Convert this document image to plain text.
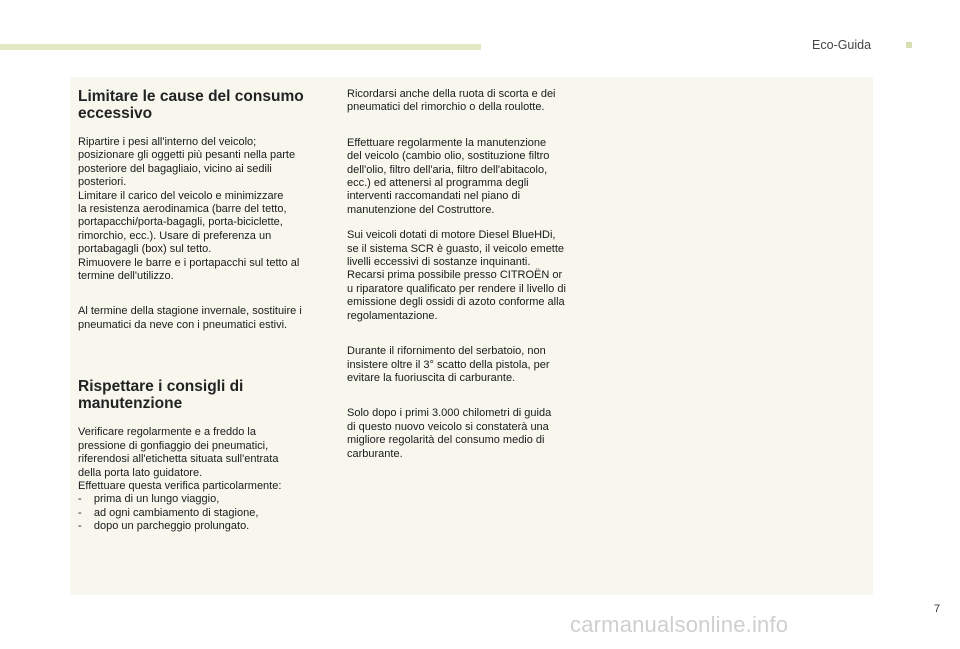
Eco-Guida
Limitare le cause del consumo eccessivo

Ripartire i pesi all'interno del veicolo;
posizionare gli oggetti più pesanti nella parte
posteriore del bagagliaio, vicino ai sedili
posteriori.
Limitare il carico del veicolo e minimizzare
la resistenza aerodinamica (barre del tetto,
portapacchi/porta-bagagli, porta-biciclette,
rimorchio, ecc.). Usare di preferenza un
portabagagli (box) sul tetto.
Rimuovere le barre e i portapacchi sul tetto al
termine dell'utilizzo.

Al termine della stagione invernale, sostituire i
pneumatici da neve con i pneumatici estivi.

Rispettare i consigli di manutenzione

Verificare regolarmente e a freddo la
pressione di gonfiaggio dei pneumatici,
riferendosi all'etichetta situata sull'entrata
della porta lato guidatore.
Effettuare questa verifica particolarmente:

-    prima di un lungo viaggio,
-    ad ogni cambiamento di stagione,
-    dopo un parcheggio prolungato.

Ricordarsi anche della ruota di scorta e dei
pneumatici del rimorchio o della roulotte.

Effettuare regolarmente la manutenzione
del veicolo (cambio olio, sostituzione filtro
dell'olio, filtro dell'aria, filtro dell'abitacolo,
ecc.) ed attenersi al programma degli
interventi raccomandati nel piano di
manutenzione del Costruttore.

Sui veicoli dotati di motore Diesel BlueHDi,
se il sistema SCR è guasto, il veicolo emette
livelli eccessivi di sostanze inquinanti.
Recarsi prima possibile presso CITROËN or
u riparatore qualificato per rendere il livello di
emissione degli ossidi di azoto conforme alla
regolamentazione.

Durante il rifornimento del serbatoio, non
insistere oltre il 3° scatto della pistola, per
evitare la fuoriuscita di carburante.

Solo dopo i primi 3.000 chilometri di guida
di questo nuovo veicolo si constaterà una
migliore regolarità del consumo medio di
carburante.

7
carmanualsonline.info
